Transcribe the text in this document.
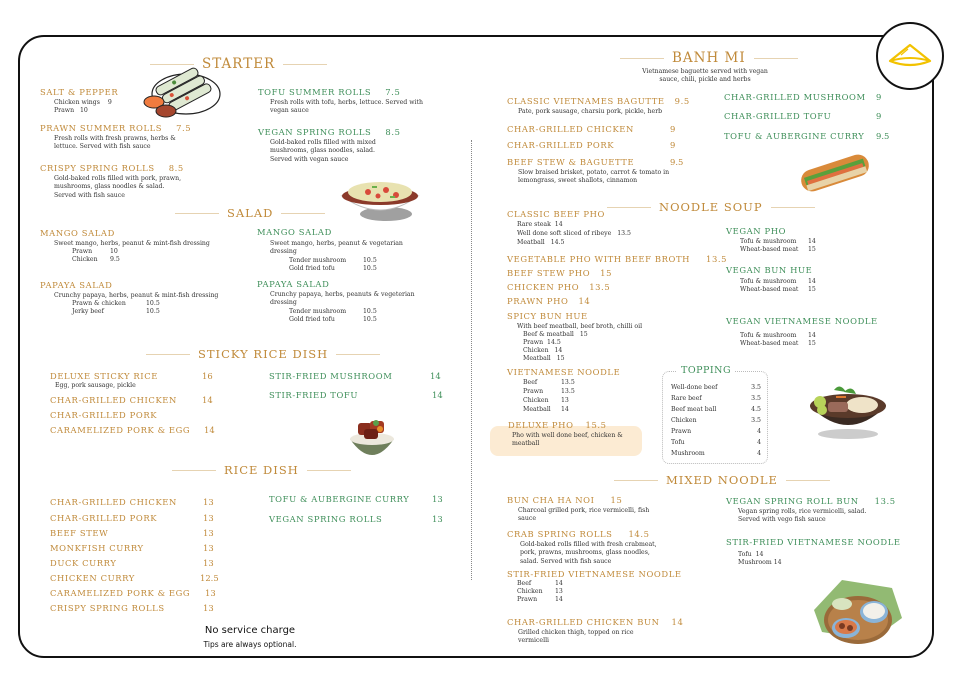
STARTER
SALT & PEPPER
Chicken wings 9
Prawn 10
PRAWN SUMMER ROLLS 7.5
Fresh rolls with fresh prawns, herbs & lettuce. Served with fish sauce
CRISPY SPRING ROLLS 8.5
Gold-baked rolls filled with pork, prawn, mushrooms, glass noodles & salad. Served with fish sauce
TOFU SUMMER ROLLS 7.5
Fresh rolls with tofu, herbs, lettuce. Served with vegan sauce
VEGAN SPRING ROLLS 8.5
Gold-baked rolls filled with mixed mushrooms, glass noodles, salad. Served with vegan sauce
SALAD
MANGO SALAD
Sweet mango, herbs, peanut & mint-fish dressing
Prawn	10
Chicken 9.5
PAPAYA SALAD
Crunchy papaya, herbs, peanut & mint-fish dressing
Prawn & chicken	10.5
Jerky beef	10.5
MANGO SALAD
Sweet mango, herbs, peanut & vegetarian dressing
Tender mushroom	10.5
Gold fried tofu	10.5
PAPAYA SALAD
Crunchy papaya, herbs, peanuts & vegeterian dressing
Tender mushroom	10.5
Gold fried tofu	10.5
STICKY RICE DISH
DELUXE STICKY RICE	16
Egg, pork sausage, pickle
CHAR-GRILLED CHICKEN	14
CHAR-GRILLED PORK
CARAMELIZED PORK & EGG 14
STIR-FRIED MUSHROOM	14
STIR-FRIED TOFU	14
RICE DISH
CHAR-GRILLED CHICKEN	13
CHAR-GRILLED PORK	13
BEEF STEW	13
MONKFISH CURRY	13
DUCK CURRY	13
CHICKEN CURRY	12.5
CARAMELIZED PORK & EGG 13
CRISPY SPRING ROLLS	13
TOFU & AUBERGINE CURRY	13
VEGAN SPRING ROLLS	13
No service charge
Tips are always optional.
BANH MI
Vietnamese baguette served with vegan
sauce, chili, pickle and herbs
CLASSIC VIETNAMES BAGUTTE 9.5
Pate, pork sausage, charsiu pork, pickle, herb
CHAR-GRILLED CHICKEN	9
CHAR-GRILLED PORK	9
BEEF STEW & BAGUETTE	9.5
Slow braised brisket, potato, carrot & tomato in lemongrass, sweet shallots, cinnamon
CHAR-GRILLED MUSHROOM 9
CHAR-GRILLED TOFU	9
TOFU & AUBERGINE CURRY 9.5
NOODLE SOUP
CLASSIC BEEF PHO
Rare steak 14
Well done soft sliced of ribeye 13.5
Meatball 14.5
VEGETABLE PHO WITH BEEF BROTH 13.5
BEEF STEW PHO 15
CHICKEN PHO 13.5
PRAWN PHO 14
SPICY BUN HUE
With beef meatball, beef broth, chilli oil
Beef & meatball 15
Prawn 14.5
Chicken 14
Meatball 15
VIETNAMESE NOODLE
Beef	13.5
Prawn	13.5
Chicken 13
Meatball 14
DELUXE PHO 15.5
Pho with well done beef, chicken & meatball
VEGAN PHO
Tofu & mushroom 14
Wheat-based meat 15
VEGAN BUN HUE
Tofu & mushroom 14
Wheat-based meat 15
VEGAN VIETNAMESE NOODLE
Tofu & mushroom 14
Wheat-based meat 15
TOPPING
Well-done beef	3.5
Rare beef	3.5
Beef meat ball	4.5
Chicken	3.5
Prawn	4
Tofu	4
Mushroom	4
MIXED NOODLE
BUN CHA HA NOI 15
Charcoal grilled pork, rice vermicelli, fish sauce
CRAB SPRING ROLLS 14.5
Gold-baked rolls filled with fresh crabmeat, pork, prawns, mushrooms, glass noodles, salad. Served with fish sauce
STIR-FRIED VIETNAMESE NOODLE
Beef	14
Chicken 13
Prawn	14
CHAR-GRILLED CHICKEN BUN 14
Grilled chicken thigh, topped on rice vermicelli
VEGAN SPRING ROLL BUN 13.5
Vegan spring rolls, rice vermicelli, salad. Served with vego fish sauce
STIR-FRIED VIETNAMESE NOODLE
Tofu 14
Mushroom 14
